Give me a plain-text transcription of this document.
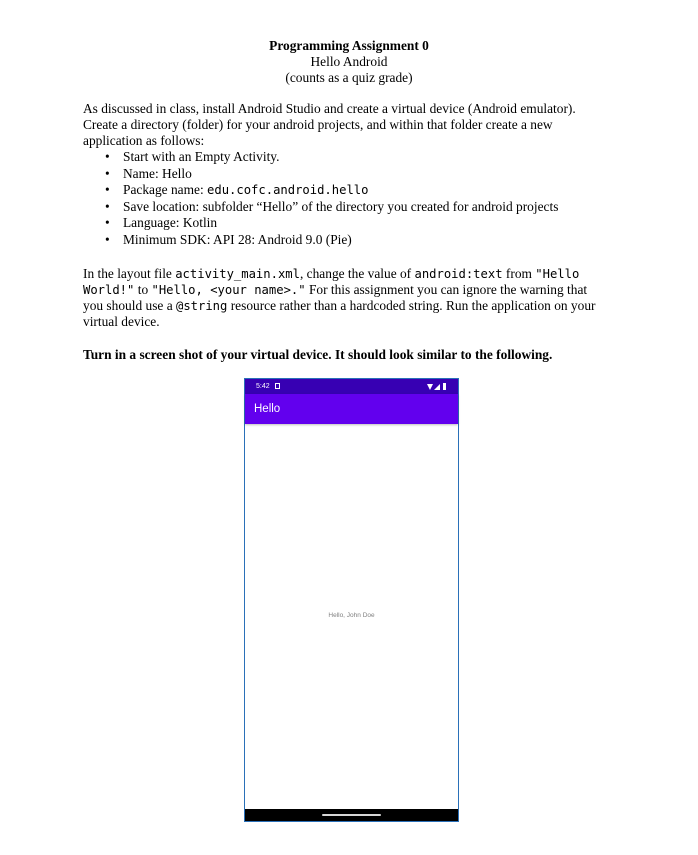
Programming Assignment 0
Hello Android
(counts as a quiz grade)
As discussed in class, install Android Studio and create a virtual device (Android emulator). Create a directory (folder) for your android projects, and within that folder create a new application as follows:
• Start with an Empty Activity.
• Name: Hello
• Package name: edu.cofc.android.hello
• Save location: subfolder “Hello” of the directory you created for android projects
• Language: Kotlin
• Minimum SDK: API 28: Android 9.0 (Pie)
In the layout file activity_main.xml, change the value of android:text from "Hello World!" to "Hello, <your name>." For this assignment you can ignore the warning that you should use a @string resource rather than a hardcoded string. Run the application on your virtual device.
Turn in a screen shot of your virtual device. It should look similar to the following.
5:42
Hello
Hello, John Doe
